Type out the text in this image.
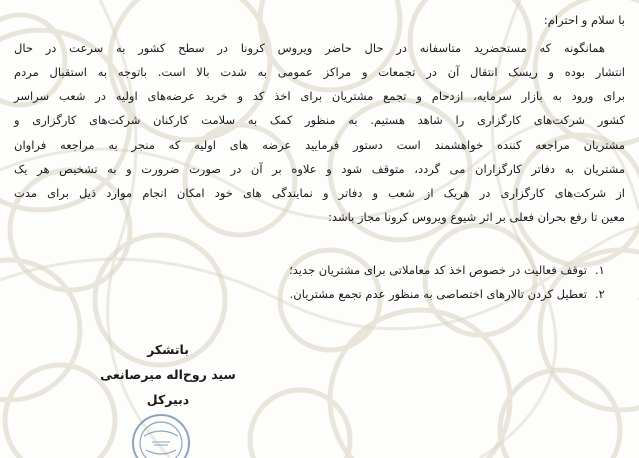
با سلام و احترام:
همانگونه که مستحضرید متاسفانه در حال حاضر ویروس کرونا در سطح کشور به سرعت در حال
انتشار بوده و ریسک انتقال آن در تجمعات و مراکز عمومی به شدت بالا است. باتوجه به استقبال مردم
برای ورود به بازار سرمایه، ازدحام و تجمع مشتریان برای اخذ کد و خرید عرضه‌های اولیه در شعب سراسر
کشور شرکت‌های کارگزاری را شاهد هستیم. به منظور کمک به سلامت کارکنان شرکت‌های کارگزاری و
مشتریان مراجعه کننده خواهشمند است دستور فرمایید عرضه های اولیه که منجر به مراجعه فراوان
مشتریان به دفاتر کارگزاران می گردد، متوقف شود و علاوه بر آن در صورت ضرورت و به تشخیص هر یک
از شرکت‌های کارگزاری در هریک از شعب و دفاتر و نمایندگی های خود امکان انجام موارد ذیل برای مدت
معین تا رفع بحران فعلی بر اثر شیوع ویروس کرونا مجاز باشد:
۱.
توقف فعالیت در خصوص اخذ کد معاملاتی برای مشتریان جدید؛
۲.
تعطیل کردن تالارهای اختصاصی به منظور عدم تجمع مشتریان.
باتشکر
سید روح‌اله میرصانعی
دبیرکل
